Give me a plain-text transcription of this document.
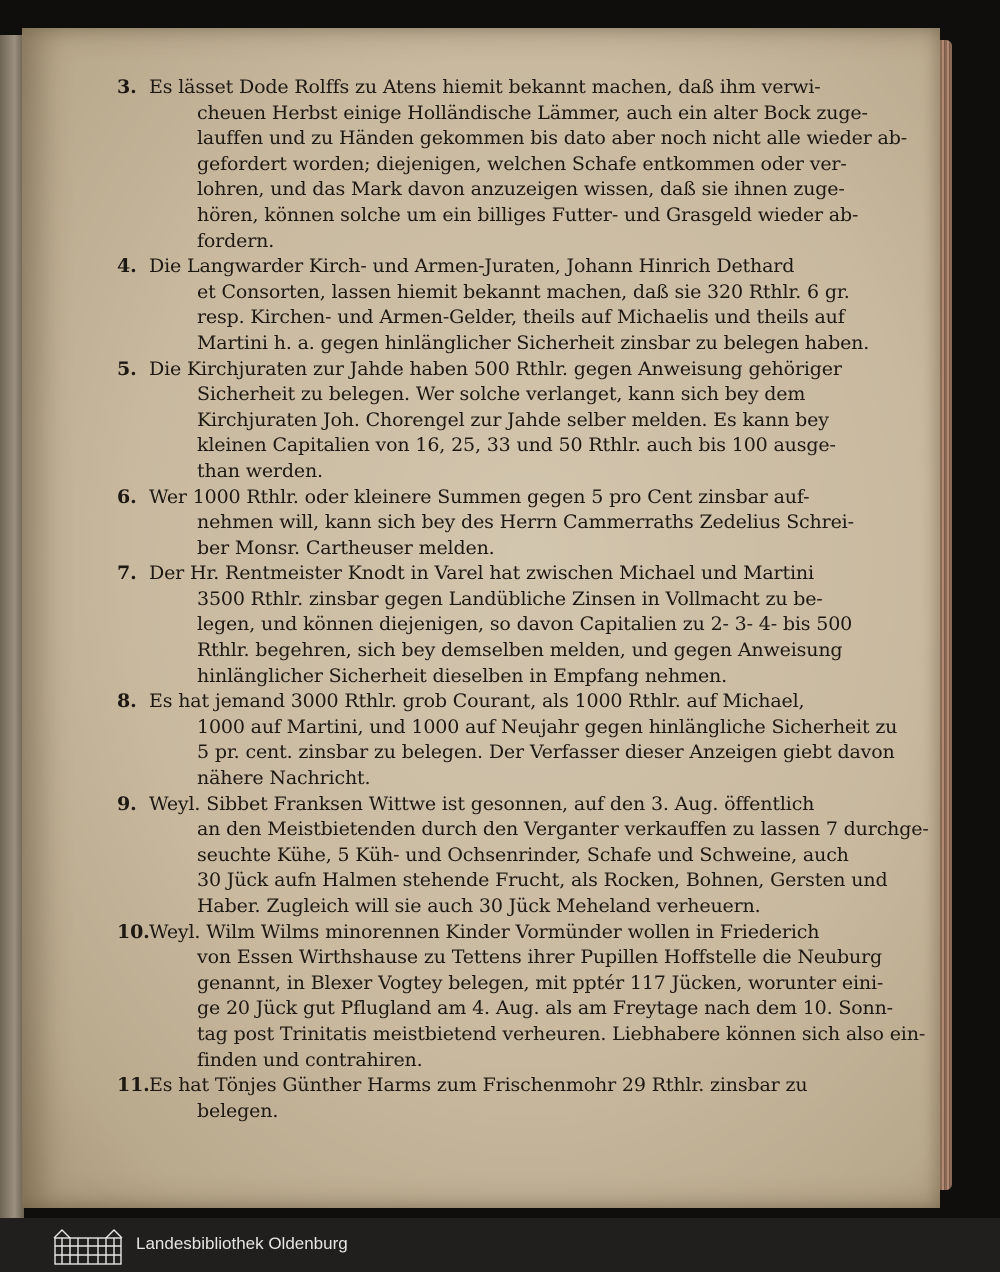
3. Es lässet Dode Rolffs zu Atens hiemit bekannt machen, daß ihm verwi-
cheuen Herbst einige Holländische Lämmer, auch ein alter Bock zuge-
lauffen und zu Händen gekommen bis dato aber noch nicht alle wieder ab-
gefordert worden; diejenigen, welchen Schafe entkommen oder ver-
lohren, und das Mark davon anzuzeigen wissen, daß sie ihnen zuge-
hören, können solche um ein billiges Futter- und Grasgeld wieder ab-
fordern.
4. Die Langwarder Kirch- und Armen-Juraten, Johann Hinrich Dethard
et Consorten, lassen hiemit bekannt machen, daß sie 320 Rthlr. 6 gr.
resp. Kirchen- und Armen-Gelder, theils auf Michaelis und theils auf
Martini h. a. gegen hinlänglicher Sicherheit zinsbar zu belegen haben.
5. Die Kirchjuraten zur Jahde haben 500 Rthlr. gegen Anweisung gehöriger
Sicherheit zu belegen. Wer solche verlanget, kann sich bey dem
Kirchjuraten Joh. Chorengel zur Jahde selber melden. Es kann bey
kleinen Capitalien von 16, 25, 33 und 50 Rthlr. auch bis 100 ausge-
than werden.
6. Wer 1000 Rthlr. oder kleinere Summen gegen 5 pro Cent zinsbar auf-
nehmen will, kann sich bey des Herrn Cammerraths Zedelius Schrei-
ber Monsr. Cartheuser melden.
7. Der Hr. Rentmeister Knodt in Varel hat zwischen Michael und Martini
3500 Rthlr. zinsbar gegen Landübliche Zinsen in Vollmacht zu be-
legen, und können diejenigen, so davon Capitalien zu 2- 3- 4- bis 500
Rthlr. begehren, sich bey demselben melden, und gegen Anweisung
hinlänglicher Sicherheit dieselben in Empfang nehmen.
8. Es hat jemand 3000 Rthlr. grob Courant, als 1000 Rthlr. auf Michael,
1000 auf Martini, und 1000 auf Neujahr gegen hinlängliche Sicherheit zu
5 pr. cent. zinsbar zu belegen. Der Verfasser dieser Anzeigen giebt davon
nähere Nachricht.
9. Weyl. Sibbet Franksen Wittwe ist gesonnen, auf den 3. Aug. öffentlich
an den Meistbietenden durch den Verganter verkauffen zu lassen 7 durchge-
seuchte Kühe, 5 Küh- und Ochsenrinder, Schafe und Schweine, auch
30 Jück aufn Halmen stehende Frucht, als Rocken, Bohnen, Gersten und
Haber. Zugleich will sie auch 30 Jück Meheland verheuern.
10. Weyl. Wilm Wilms minorennen Kinder Vormünder wollen in Friederich
von Essen Wirthshause zu Tettens ihrer Pupillen Hoffstelle die Neuburg
genannt, in Blexer Vogtey belegen, mit pptér 117 Jücken, worunter eini-
ge 20 Jück gut Pflugland am 4. Aug. als am Freytage nach dem 10. Sonn-
tag post Trinitatis meistbietend verheuren. Liebhabere können sich also ein-
finden und contrahiren.
11. Es hat Tönjes Günther Harms zum Frischenmohr 29 Rthlr. zinsbar zu
belegen.
Landesbibliothek Oldenburg
